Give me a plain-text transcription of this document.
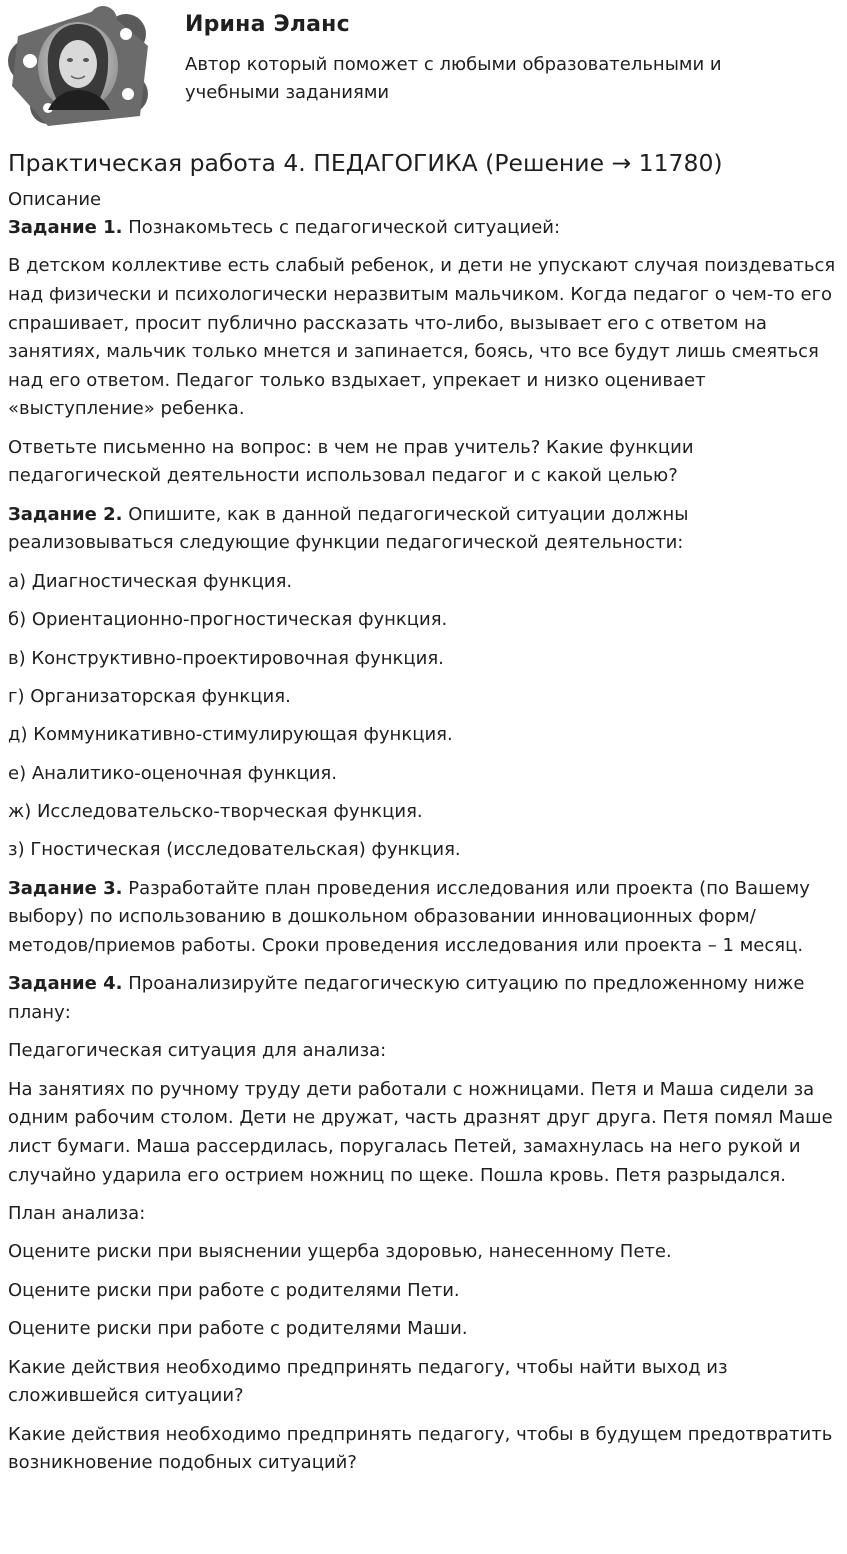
Ирина Эланс
Автор который поможет с любыми образовательными и учебными заданиями
Практическая работа 4. ПЕДАГОГИКА (Решение → 11780)
Описание

Задание 1. Познакомьтесь с педагогической ситуацией:

В детском коллективе есть слабый ребенок, и дети не упускают случая поиздеваться над физически и психологически неразвитым мальчиком. Когда педагог о чем-то его спрашивает, просит публично рассказать что-либо, вызывает его с ответом на занятиях, мальчик только мнется и запинается, боясь, что все будут лишь смеяться над его ответом. Педагог только вздыхает, упрекает и низко оценивает «выступление» ребенка.

Ответьте письменно на вопрос: в чем не прав учитель? Какие функции педагогической деятельности использовал педагог и с какой целью?

Задание 2. Опишите, как в данной педагогической ситуации должны реализовываться следующие функции педагогической деятельности:

а) Диагностическая функция.

б) Ориентационно-прогностическая функция.

в) Конструктивно-проектировочная функция.

г) Организаторская функция.

д) Коммуникативно-стимулирующая функция.

е) Аналитико-оценочная функция.

ж) Исследовательско-творческая функция.

з) Гностическая (исследовательская) функция.

Задание 3. Разработайте план проведения исследования или проекта (по Вашему выбору) по использованию в дошкольном образовании инновационных форм/методов/приемов работы. Сроки проведения исследования или проекта – 1 месяц.

Задание 4. Проанализируйте педагогическую ситуацию по предложенному ниже плану:

Педагогическая ситуация для анализа:

На занятиях по ручному труду дети работали с ножницами. Петя и Маша сидели за одним рабочим столом. Дети не дружат, часть дразнят друг друга. Петя помял Маше лист бумаги. Маша рассердилась, поругалась Петей, замахнулась на него рукой и случайно ударила его острием ножниц по щеке. Пошла кровь. Петя разрыдался.

План анализа:

Оцените риски при выяснении ущерба здоровью, нанесенному Пете.

Оцените риски при работе с родителями Пети.

Оцените риски при работе с родителями Маши.

Какие действия необходимо предпринять педагогу, чтобы найти выход из сложившейся ситуации?

Какие действия необходимо предпринять педагогу, чтобы в будущем предотвратить возникновение подобных ситуаций?
